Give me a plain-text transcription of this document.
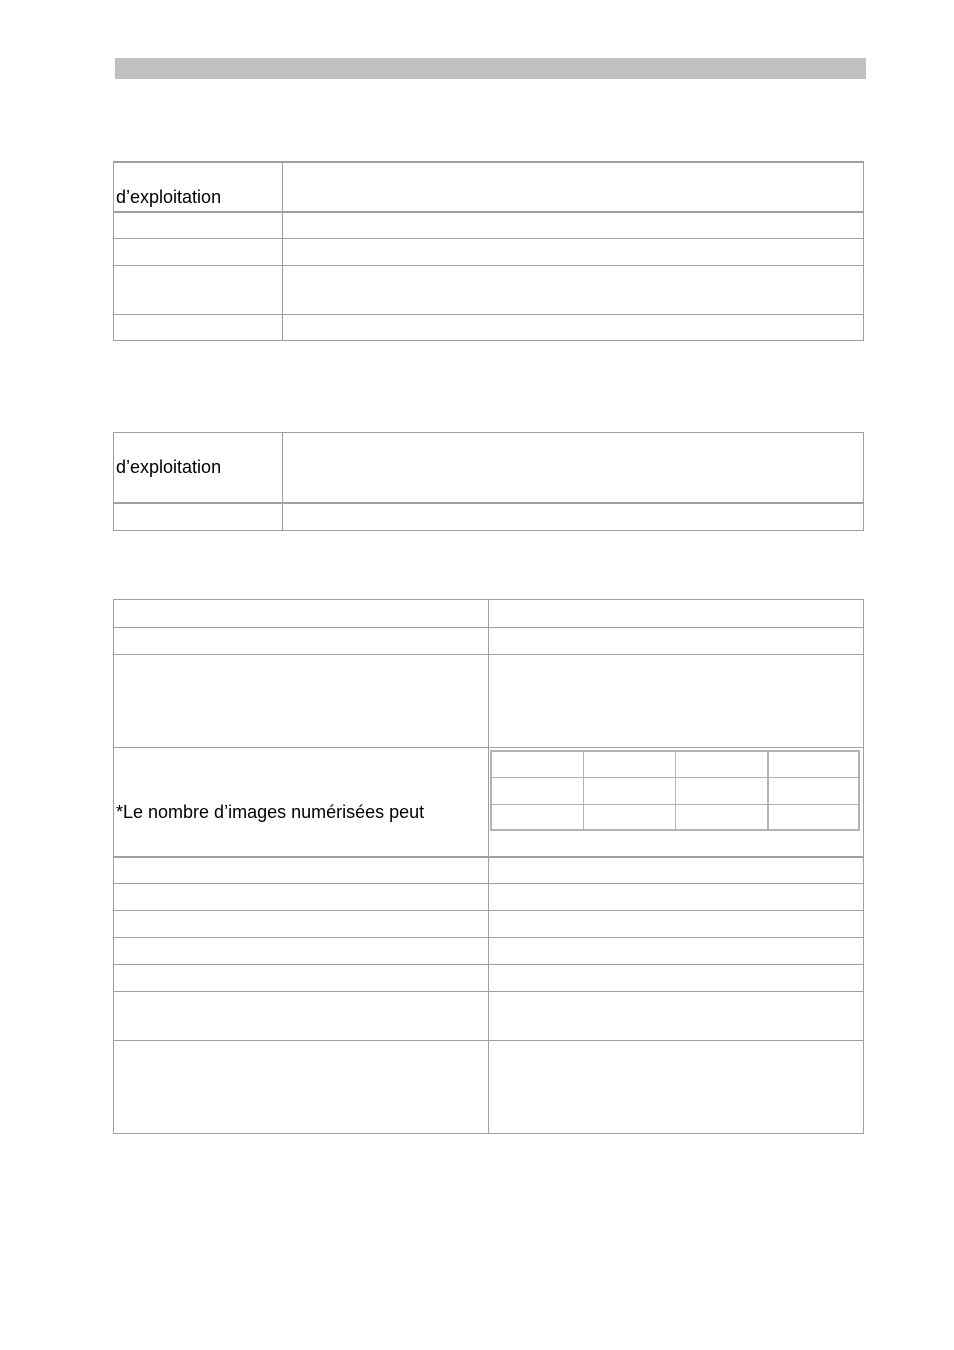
d’exploitation
d’exploitation
*Le nombre d’images numérisées peut
